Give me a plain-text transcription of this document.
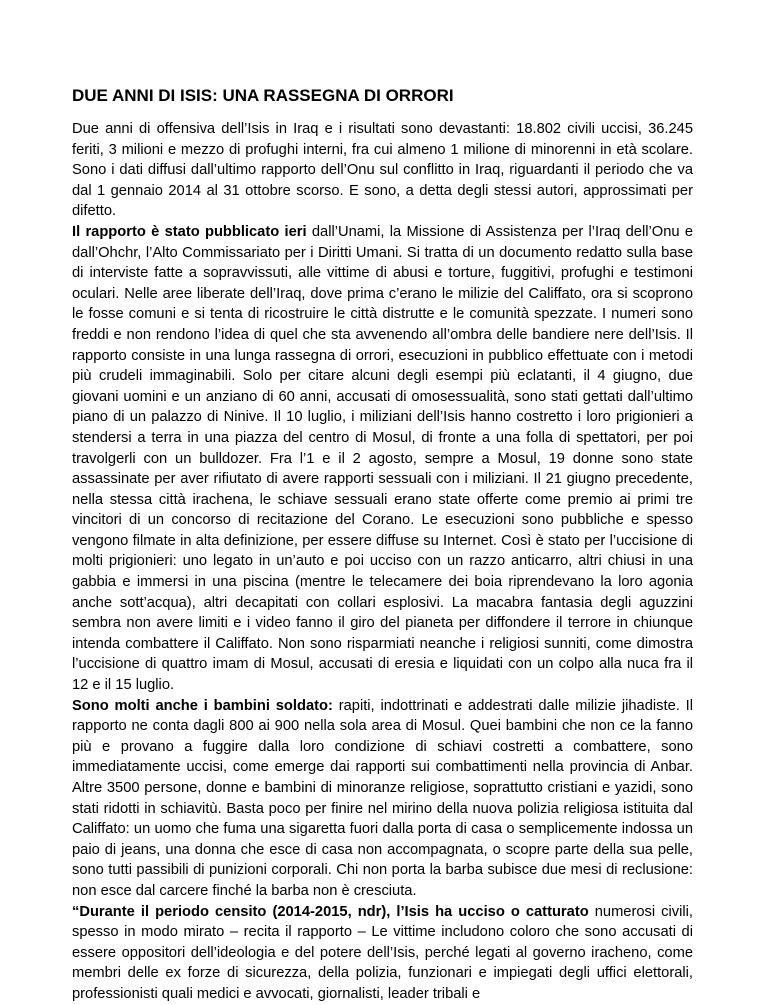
DUE ANNI DI ISIS: UNA RASSEGNA DI ORRORI

Due anni di offensiva dell’Isis in Iraq e i risultati sono devastanti: 18.802 civili uccisi, 36.245 feriti, 3 milioni e mezzo di profughi interni, fra cui almeno 1 milione di minorenni in età scolare. Sono i dati diffusi dall’ultimo rapporto dell’Onu sul conflitto in Iraq, riguardanti il periodo che va dal 1 gennaio 2014 al 31 ottobre scorso. E sono, a detta degli stessi autori, approssimati per difetto.

Il rapporto è stato pubblicato ieri dall’Unami, la Missione di Assistenza per l’Iraq dell’Onu e dall’Ohchr, l’Alto Commissariato per i Diritti Umani. Si tratta di un documento redatto sulla base di interviste fatte a sopravvissuti, alle vittime di abusi e torture, fuggitivi, profughi e testimoni oculari. Nelle aree liberate dell’Iraq, dove prima c’erano le milizie del Califfato, ora si scoprono le fosse comuni e si tenta di ricostruire le città distrutte e le comunità spezzate. I numeri sono freddi e non rendono l’idea di quel che sta avvenendo all’ombra delle bandiere nere dell’Isis. Il rapporto consiste in una lunga rassegna di orrori, esecuzioni in pubblico effettuate con i metodi più crudeli immaginabili. Solo per citare alcuni degli esempi più eclatanti, il 4 giugno, due giovani uomini e un anziano di 60 anni, accusati di omosessualità, sono stati gettati dall’ultimo piano di un palazzo di Ninive. Il 10 luglio, i miliziani dell’Isis hanno costretto i loro prigionieri a stendersi a terra in una piazza del centro di Mosul, di fronte a una folla di spettatori, per poi travolgerli con un bulldozer. Fra l’1 e il 2 agosto, sempre a Mosul, 19 donne sono state assassinate per aver rifiutato di avere rapporti sessuali con i miliziani. Il 21 giugno precedente, nella stessa città irachena, le schiave sessuali erano state offerte come premio ai primi tre vincitori di un concorso di recitazione del Corano. Le esecuzioni sono pubbliche e spesso vengono filmate in alta definizione, per essere diffuse su Internet. Così è stato per l’uccisione di molti prigionieri: uno legato in un’auto e poi ucciso con un razzo anticarro, altri chiusi in una gabbia e immersi in una piscina (mentre le telecamere dei boia riprendevano la loro agonia anche sott’acqua), altri decapitati con collari esplosivi. La macabra fantasia degli aguzzini sembra non avere limiti e i video fanno il giro del pianeta per diffondere il terrore in chiunque intenda combattere il Califfato. Non sono risparmiati neanche i religiosi sunniti, come dimostra l’uccisione di quattro imam di Mosul, accusati di eresia e liquidati con un colpo alla nuca fra il 12 e il 15 luglio.

Sono molti anche i bambini soldato: rapiti, indottrinati e addestrati dalle milizie jihadiste. Il rapporto ne conta dagli 800 ai 900 nella sola area di Mosul. Quei bambini che non ce la fanno più e provano a fuggire dalla loro condizione di schiavi costretti a combattere, sono immediatamente uccisi, come emerge dai rapporti sui combattimenti nella provincia di Anbar. Altre 3500 persone, donne e bambini di minoranze religiose, soprattutto cristiani e yazidi, sono stati ridotti in schiavitù. Basta poco per finire nel mirino della nuova polizia religiosa istituita dal Califfato: un uomo che fuma una sigaretta fuori dalla porta di casa o semplicemente indossa un paio di jeans, una donna che esce di casa non accompagnata, o scopre parte della sua pelle, sono tutti passibili di punizioni corporali. Chi non porta la barba subisce due mesi di reclusione: non esce dal carcere finché la barba non è cresciuta.

“Durante il periodo censito (2014-2015, ndr), l’Isis ha ucciso o catturato numerosi civili, spesso in modo mirato – recita il rapporto – Le vittime includono coloro che sono accusati di essere oppositori dell’ideologia e del potere dell’Isis, perché legati al governo iracheno, come membri delle ex forze di sicurezza, della polizia, funzionari e impiegati degli uffici elettorali, professionisti quali medici e avvocati, giornalisti, leader tribali e
